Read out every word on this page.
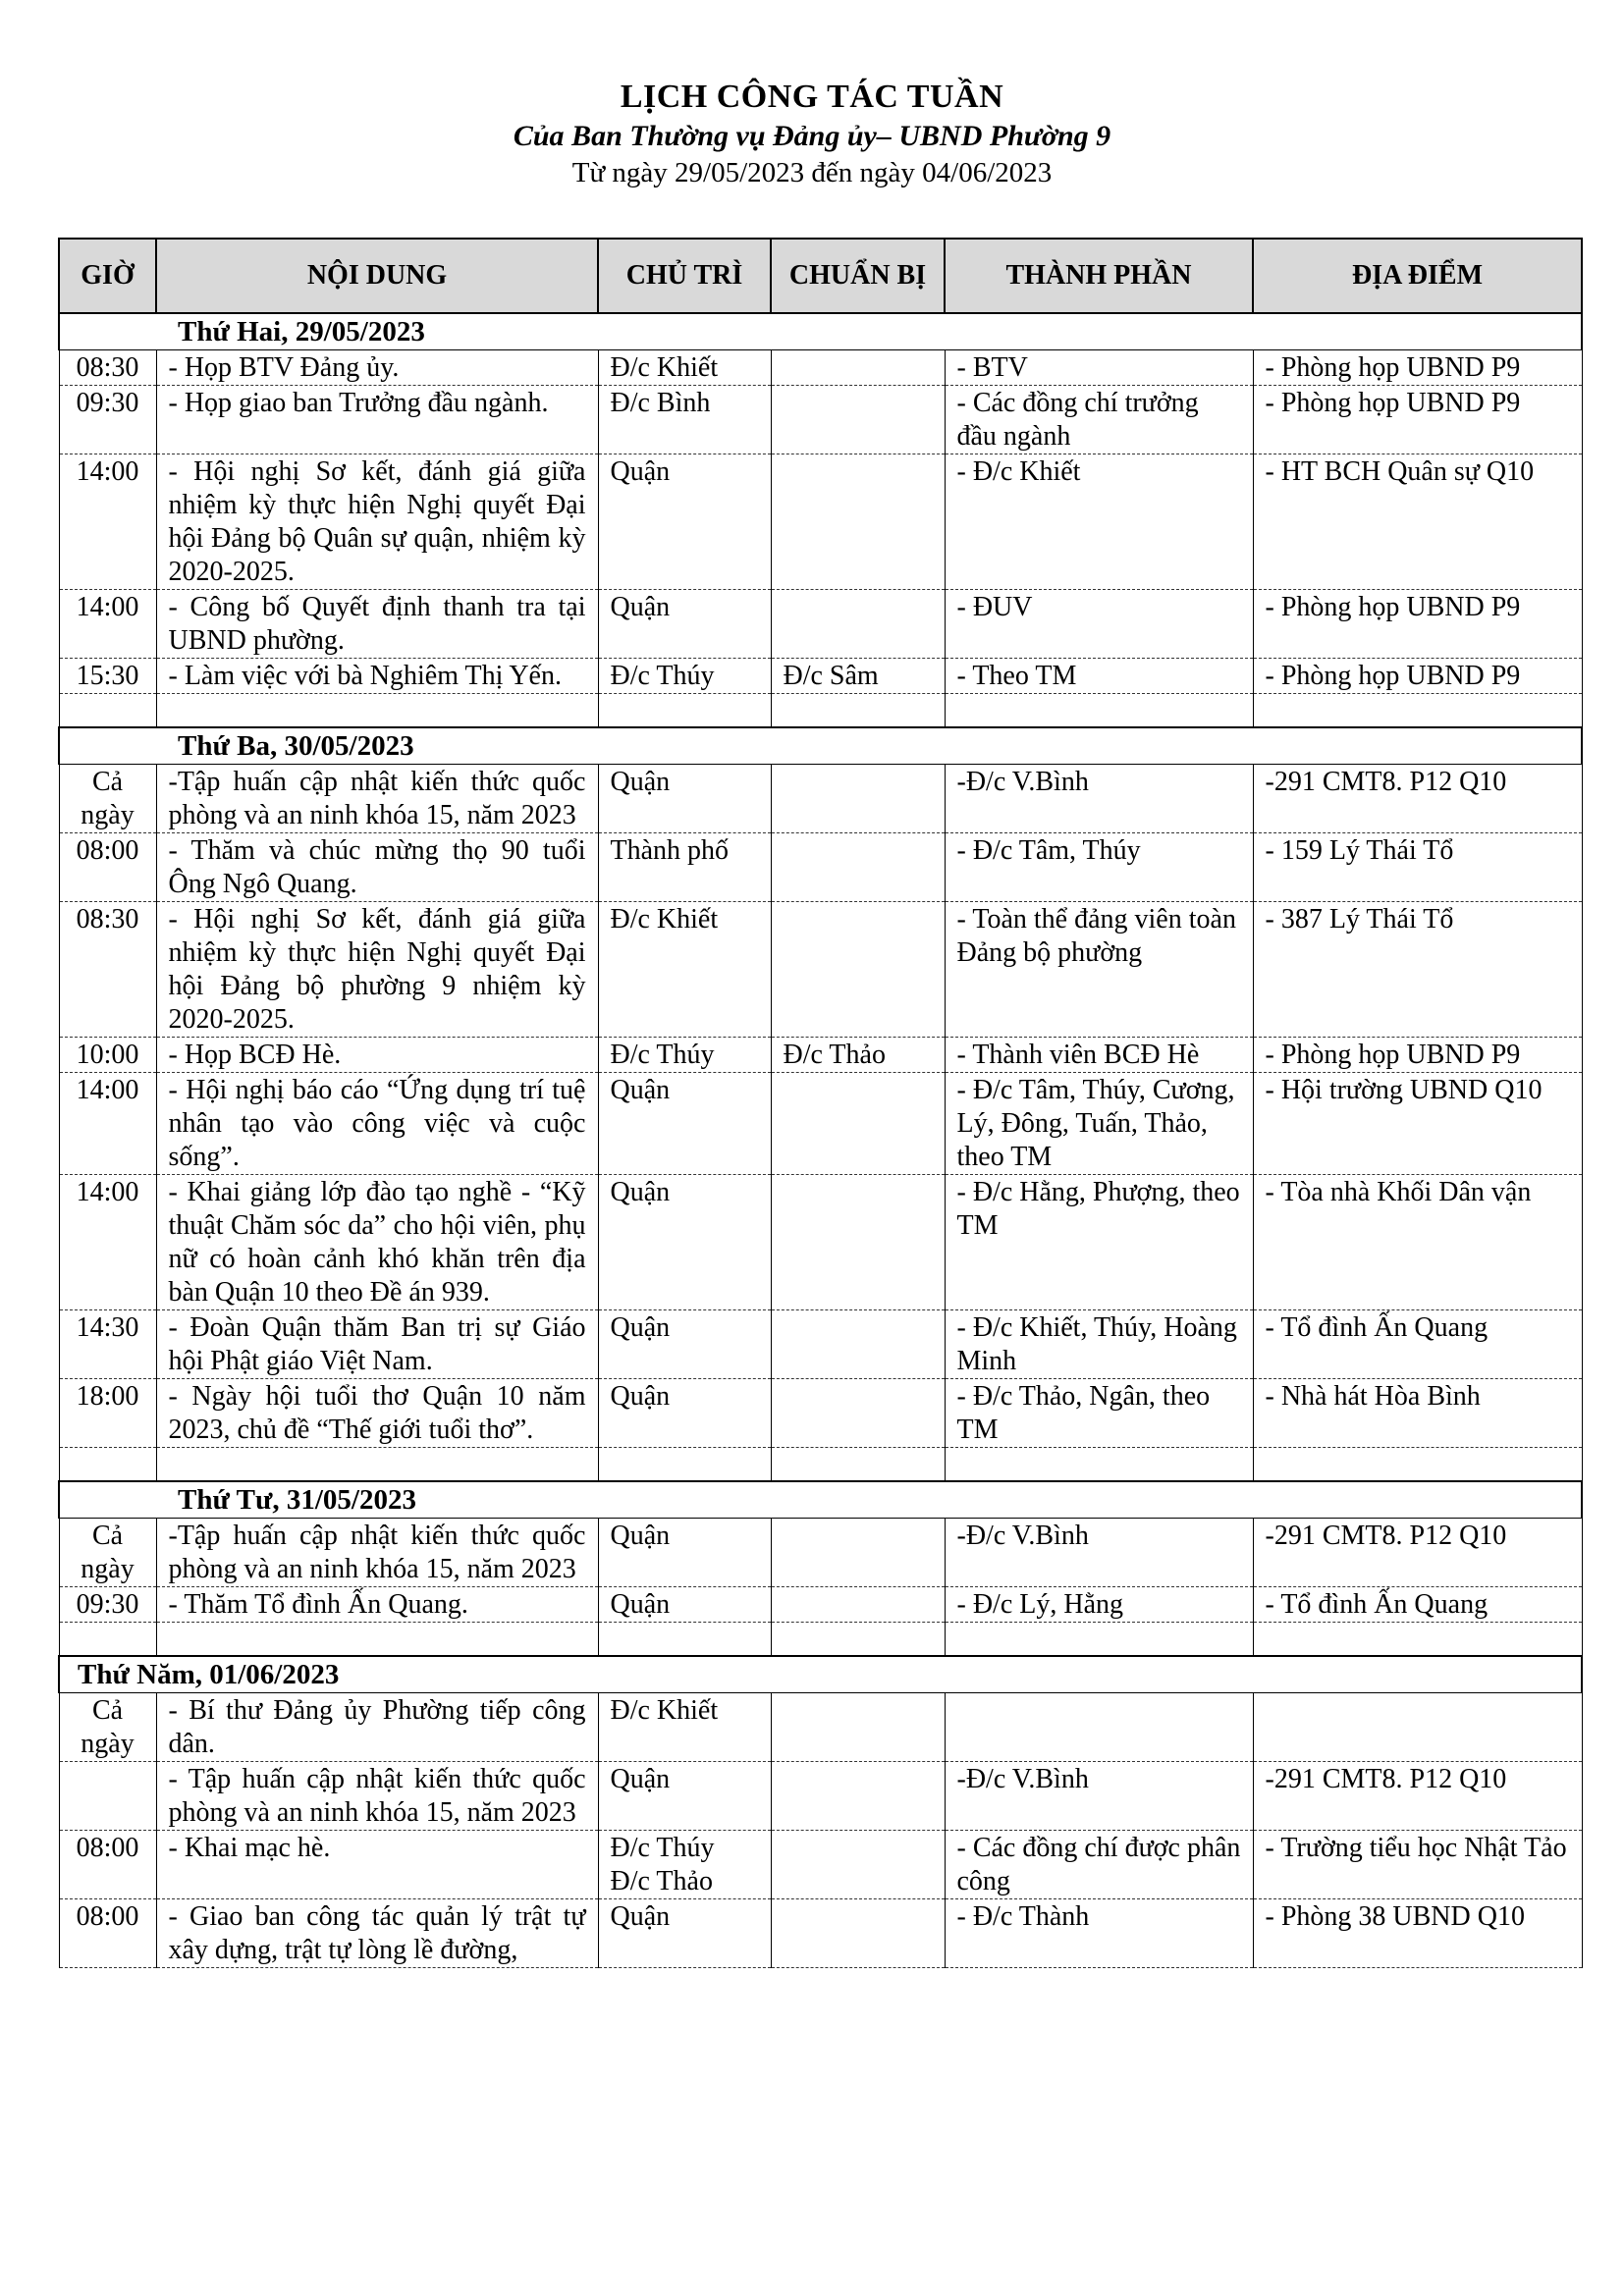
LỊCH CÔNG TÁC TUẦN
Của Ban Thường vụ Đảng ủy– UBND Phường 9
Từ ngày 29/05/2023 đến ngày 04/06/2023
GIỜ	NỘI DUNG	CHỦ TRÌ	CHUẨN BỊ	THÀNH PHẦN	ĐỊA ĐIỂM
Thứ Hai, 29/05/2023					
08:30	- Họp BTV Đảng ủy.	Đ/c Khiết		- BTV	- Phòng họp UBND P9
09:30	- Họp giao ban Trưởng đầu ngành.	Đ/c Bình		- Các đồng chí trưởng đầu ngành	- Phòng họp UBND P9
14:00	- Hội nghị Sơ kết, đánh giá giữa nhiệm kỳ thực hiện Nghị quyết Đại hội Đảng bộ Quân sự quận, nhiệm kỳ 2020-2025.	Quận		- Đ/c Khiết	- HT BCH Quân sự Q10
14:00	- Công bố Quyết định thanh tra tại UBND phường.	Quận		- ĐUV	- Phòng họp UBND P9
15:30	- Làm việc với bà Nghiêm Thị Yến.	Đ/c Thúy	Đ/c Sâm	- Theo TM	- Phòng họp UBND P9

Thứ Ba, 30/05/2023					
Cả ngày	-Tập huấn cập nhật kiến thức quốc phòng và an ninh khóa 15, năm 2023	Quận		-Đ/c V.Bình	-291 CMT8. P12 Q10
08:00	- Thăm và chúc mừng thọ 90 tuổi Ông Ngô Quang.	Thành phố		- Đ/c Tâm, Thúy	- 159 Lý Thái Tổ
08:30	- Hội nghị Sơ kết, đánh giá giữa nhiệm kỳ thực hiện Nghị quyết Đại hội Đảng bộ phường 9 nhiệm kỳ 2020-2025.	Đ/c Khiết		- Toàn thể đảng viên toàn Đảng bộ phường	- 387 Lý Thái Tổ
10:00	- Họp BCĐ Hè.	Đ/c Thúy	Đ/c Thảo	- Thành viên BCĐ Hè	- Phòng họp UBND P9
14:00	- Hội nghị báo cáo “Ứng dụng trí tuệ nhân tạo vào công việc và cuộc sống”.	Quận		- Đ/c Tâm, Thúy, Cương, Lý, Đông, Tuấn, Thảo, theo TM	- Hội trường UBND Q10
14:00	- Khai giảng lớp đào tạo nghề - “Kỹ thuật Chăm sóc da” cho hội viên, phụ nữ có hoàn cảnh khó khăn trên địa bàn Quận 10 theo Đề án 939.	Quận		- Đ/c Hằng, Phượng, theo TM	- Tòa nhà Khối Dân vận
14:30	- Đoàn Quận thăm Ban trị sự Giáo hội Phật giáo Việt Nam.	Quận		- Đ/c Khiết, Thúy, Hoàng Minh	- Tổ đình Ấn Quang
18:00	- Ngày hội tuổi thơ Quận 10 năm 2023, chủ đề “Thế giới tuổi thơ”.	Quận		- Đ/c Thảo, Ngân, theo TM	- Nhà hát Hòa Bình

Thứ Tư, 31/05/2023					
Cả ngày	-Tập huấn cập nhật kiến thức quốc phòng và an ninh khóa 15, năm 2023	Quận		-Đ/c V.Bình	-291 CMT8. P12 Q10
09:30	- Thăm Tổ đình Ấn Quang.	Quận		- Đ/c Lý, Hằng	- Tổ đình Ấn Quang

Thứ Năm, 01/06/2023					
Cả ngày	- Bí thư Đảng ủy Phường tiếp công dân.	Đ/c Khiết			
	- Tập huấn cập nhật kiến thức quốc phòng và an ninh khóa 15, năm 2023	Quận		-Đ/c V.Bình	-291 CMT8. P12 Q10
08:00	- Khai mạc hè.	Đ/c Thúy Đ/c Thảo		- Các đồng chí được phân công	- Trường tiểu học Nhật Tảo
08:00	- Giao ban công tác quản lý trật tự xây dựng, trật tự lòng lề đường,	Quận		- Đ/c Thành	- Phòng 38 UBND Q10
